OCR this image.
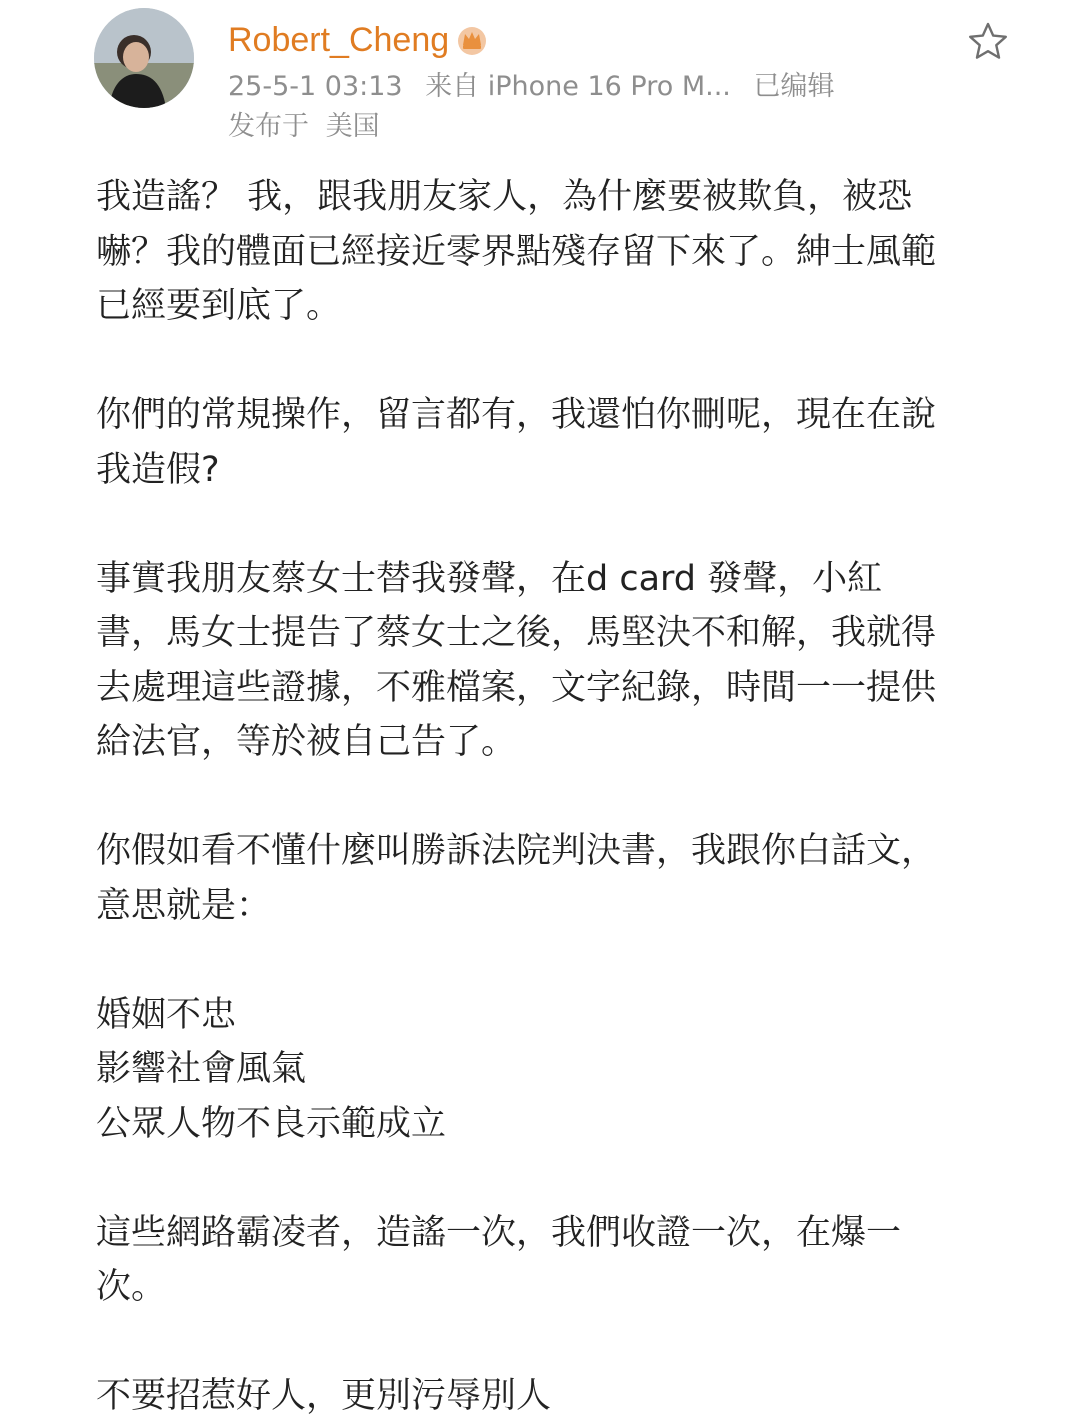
Robert_Cheng
25-5-1 03:13 来自 iPhone 16 Pro M... 已编辑
发布于 美国

我造謠？ 我，跟我朋友家人，為什麼要被欺負，被恐
嚇？我的體面已經接近零界點殘存留下來了。紳士風範
已經要到底了。

你們的常規操作，留言都有，我還怕你刪呢，現在在說
我造假?

事實我朋友蔡女士替我發聲，在d card 發聲，小紅
書，馬女士提告了蔡女士之後，馬堅決不和解，我就得
去處理這些證據，不雅檔案，文字紀錄，時間一一提供
給法官，等於被自己告了。

你假如看不懂什麼叫勝訴法院判決書，我跟你白話文，
意思就是：

婚姻不忠
影響社會風氣
公眾人物不良示範成立

這些網路霸凌者，造謠一次，我們收證一次，在爆一
次。

不要招惹好人，更別污辱別人
